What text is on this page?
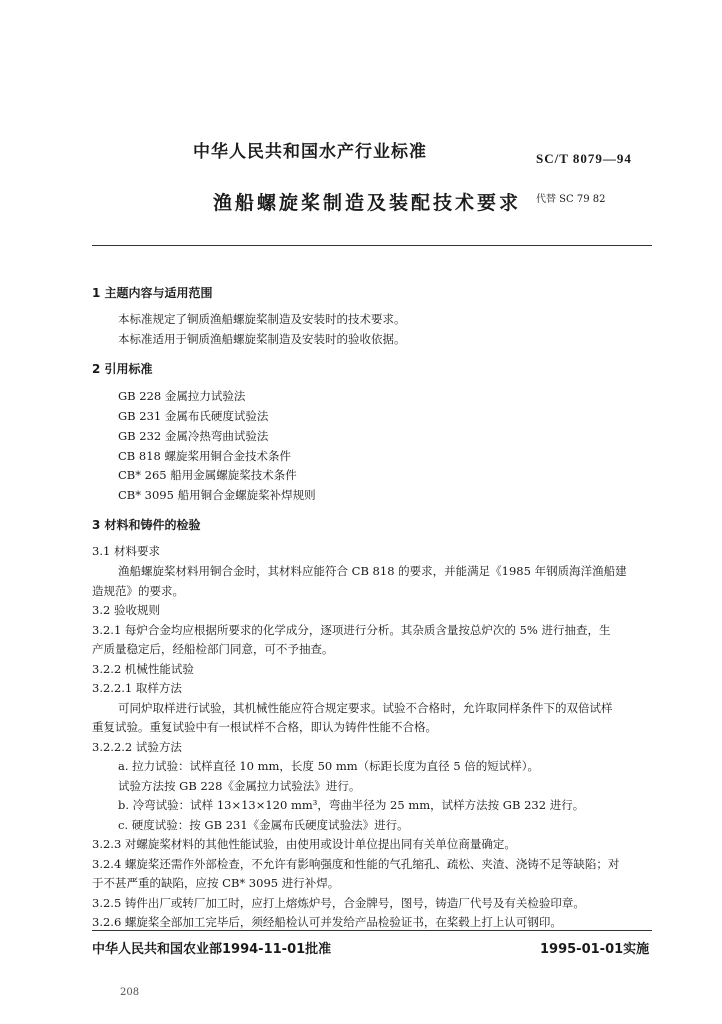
中华人民共和国水产行业标准	SC/T 8079—94
渔船螺旋桨制造及装配技术要求 代替 SC 79 82
1 主题内容与适用范围
本标准规定了铜质渔船螺旋桨制造及安装时的技术要求。
本标准适用于铜质渔船螺旋桨制造及安装时的验收依据。
2 引用标准
GB 228 金属拉力试验法
GB 231 金属布氏硬度试验法
GB 232 金属冷热弯曲试验法
CB 818 螺旋桨用铜合金技术条件
CB* 265 船用金属螺旋桨技术条件
CB* 3095 船用铜合金螺旋桨补焊规则
3 材料和铸件的检验
3.1 材料要求
渔船螺旋桨材料用铜合金时，其材料应能符合 CB 818 的要求，并能满足《1985 年钢质海洋渔船建
造规范》的要求。
3.2 验收规则
3.2.1 每炉合金均应根据所要求的化学成分，逐项进行分析。其杂质含量按总炉次的 5% 进行抽查，生
产质量稳定后，经船检部门同意，可不予抽查。
3.2.2 机械性能试验
3.2.2.1 取样方法
可同炉取样进行试验，其机械性能应符合规定要求。试验不合格时，允许取同样条件下的双倍试样
重复试验。重复试验中有一根试样不合格，即认为铸件性能不合格。
3.2.2.2 试验方法
a. 拉力试验：试样直径 10 mm，长度 50 mm（标距长度为直径 5 倍的短试样）。
试验方法按 GB 228《金属拉力试验法》进行。
b. 冷弯试验：试样 13×13×120 mm³，弯曲半径为 25 mm，试样方法按 GB 232 进行。
c. 硬度试验：按 GB 231《金属布氏硬度试验法》进行。
3.2.3 对螺旋桨材料的其他性能试验，由使用或设计单位提出同有关单位商量确定。
3.2.4 螺旋桨还需作外部检查，不允许有影响强度和性能的气孔缩孔、疏松、夹渣、浇铸不足等缺陷；对
于不甚严重的缺陷，应按 CB* 3095 进行补焊。
3.2.5 铸件出厂或转厂加工时，应打上熔炼炉号，合金牌号，图号，铸造厂代号及有关检验印章。
3.2.6 螺旋桨全部加工完毕后，须经船检认可并发给产品检验证书，在桨毂上打上认可钢印。
中华人民共和国农业部1994-11-01批准	1995-01-01实施
208
